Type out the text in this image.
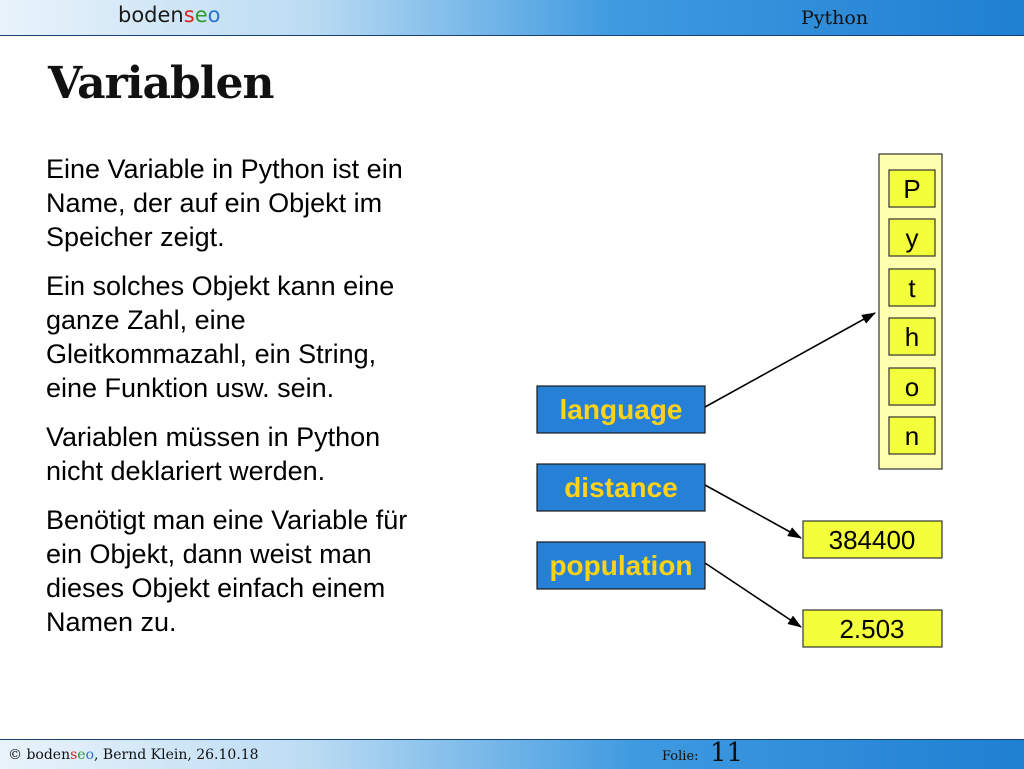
bodenseo	Python
Variablen

Eine Variable in Python ist ein
Name, der auf ein Objekt im
Speicher zeigt.

Ein solches Objekt kann eine
ganze Zahl, eine
Gleitkommazahl, ein String,
eine Funktion usw. sein.

Variablen müssen in Python
nicht deklariert werden.

Benötigt man eine Variable für
ein Objekt, dann weist man
dieses Objekt einfach einem
Namen zu.

P
y
t
h
o
n
language
distance
population
384400
2.503
© bodenseo, Bernd Klein, 26.10.18	Folie: 11
